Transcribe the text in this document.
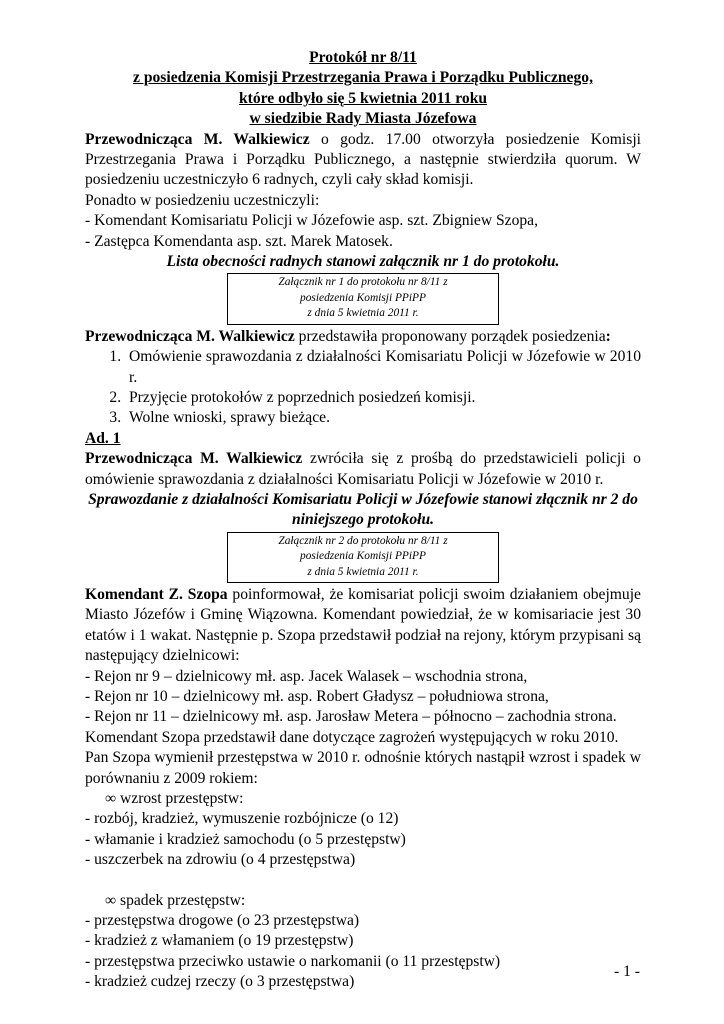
Protokół nr 8/11
z posiedzenia Komisji Przestrzegania Prawa i Porządku Publicznego,
które odbyło się 5 kwietnia 2011 roku
w siedzibie Rady Miasta Józefowa

Przewodnicząca M. Walkiewicz o godz. 17.00 otworzyła posiedzenie Komisji Przestrzegania Prawa i Porządku Publicznego, a następnie stwierdziła quorum. W posiedzeniu uczestniczyło 6 radnych, czyli cały skład komisji.

Ponadto w posiedzeniu uczestniczyli:

- Komendant Komisariatu Policji w Józefowie asp. szt. Zbigniew Szopa,

- Zastępca Komendanta asp. szt. Marek Matosek.

Lista obecności radnych stanowi załącznik nr 1 do protokołu.

Załącznik nr 1 do protokołu nr 8/11 z
posiedzenia Komisji PPiPP
z dnia 5 kwietnia 2011 r.

Przewodnicząca M. Walkiewicz przedstawiła proponowany porządek posiedzenia:

1. Omówienie sprawozdania z działalności Komisariatu Policji w Józefowie w 2010 r.
2. Przyjęcie protokołów z poprzednich posiedzeń komisji.
3. Wolne wnioski, sprawy bieżące.

Ad. 1

Przewodnicząca M. Walkiewicz zwróciła się z prośbą do przedstawicieli policji o omówienie sprawozdania z działalności Komisariatu Policji w Józefowie w 2010 r.

Sprawozdanie z działalności Komisariatu Policji w Józefowie stanowi złącznik nr 2 do niniejszego protokołu.

Załącznik nr 2 do protokołu nr 8/11 z
posiedzenia Komisji PPiPP
z dnia 5 kwietnia 2011 r.

Komendant Z. Szopa poinformował, że komisariat policji swoim działaniem obejmuje Miasto Józefów i Gminę Wiązowna. Komendant powiedział, że w komisariacie jest 30 etatów i 1 wakat. Następnie p. Szopa przedstawił podział na rejony, którym przypisani są następujący dzielnicowi:

- Rejon nr 9 – dzielnicowy mł. asp. Jacek Walasek – wschodnia strona,

- Rejon nr 10 – dzielnicowy mł. asp. Robert Gładysz – południowa strona,

- Rejon nr 11 – dzielnicowy mł. asp. Jarosław Metera – północno – zachodnia strona.

Komendant Szopa przedstawił dane dotyczące zagrożeń występujących w roku 2010.

Pan Szopa wymienił przestępstwa w 2010 r. odnośnie których nastąpił wzrost i spadek w porównaniu z 2009 rokiem:

∞ wzrost przestępstw:

- rozbój, kradzież, wymuszenie rozbójnicze (o 12)

- włamanie i kradzież samochodu (o 5 przestępstw)

- uszczerbek na zdrowiu (o 4 przestępstwa)

∞ spadek przestępstw:

- przestępstwa drogowe (o 23 przestępstwa)

- kradzież z włamaniem (o 19 przestępstw)

- przestępstwa przeciwko ustawie o narkomanii (o 11 przestępstw)

- kradzież cudzej rzeczy (o 3 przestępstwa)

- 1 -
